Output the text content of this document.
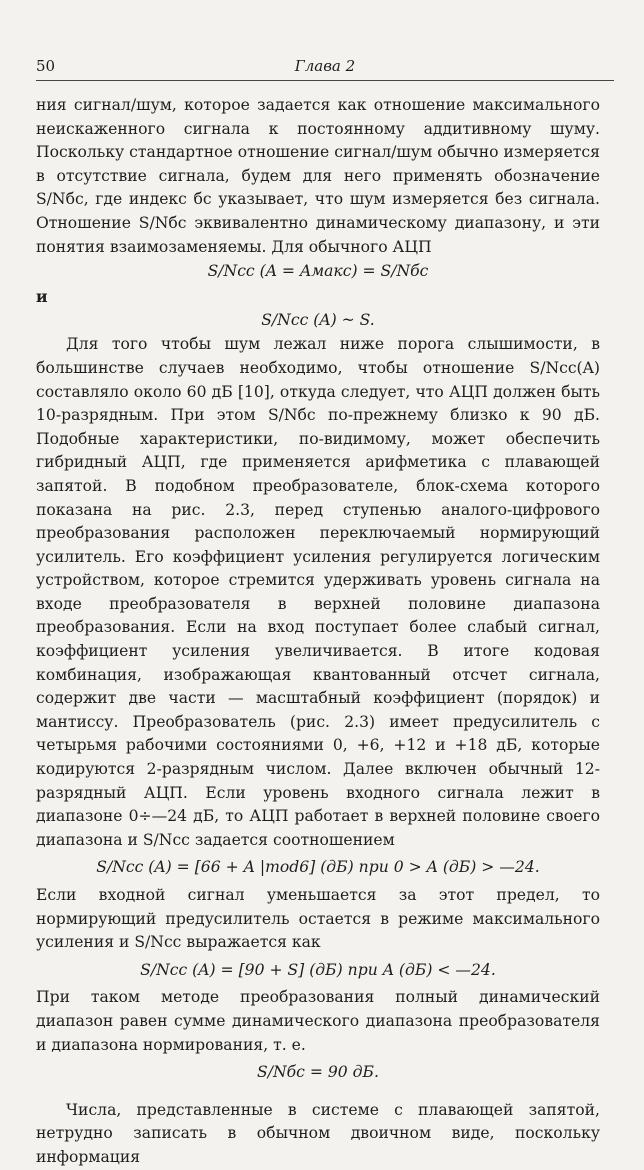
50	Глава 2

ния сигнал/шум, которое задается как отношение максимального неискаженного сигнала к постоянному аддитивному шуму. Поскольку стандартное отношение сигнал/шум обычно измеряется в отсутствие сигнала, будем для него применять обозначение S/Nбс, где индекс бс указывает, что шум измеряется без сигнала. Отношение S/Nбс эквивалентно динамическому диапазону, и эти понятия взаимозаменяемы. Для обычного АЦП

S/Nсс (A = Aмакс) = S/Nбс
и
S/Nсс (A) ~ S.

Для того чтобы шум лежал ниже порога слышимости, в большинстве случаев необходимо, чтобы отношение S/Nсс(A) составляло около 60 дБ [10], откуда следует, что АЦП должен быть 10-разрядным. При этом S/Nбс по-прежнему близко к 90 дБ. Подобные характеристики, по-видимому, может обеспечить гибридный АЦП, где применяется арифметика с плавающей запятой. В подобном преобразователе, блок-схема которого показана на рис. 2.3, перед ступенью аналого-цифрового преобразования расположен переключаемый нормирующий усилитель. Его коэффициент усиления регулируется логическим устройством, которое стремится удерживать уровень сигнала на входе преобразователя в верхней половине диапазона преобразования. Если на вход поступает более слабый сигнал, коэффициент усиления увеличивается. В итоге кодовая комбинация, изображающая квантованный отсчет сигнала, содержит две части — масштабный коэффициент (порядок) и мантиссу. Преобразователь (рис. 2.3) имеет предусилитель с четырьмя рабочими состояниями 0, +6, +12 и +18 дБ, которые кодируются 2-разрядным числом. Далее включен обычный 12-разрядный АЦП. Если уровень входного сигнала лежит в диапазоне 0÷—24 дБ, то АЦП работает в верхней половине своего диапазона и S/Nсс задается соотношением

S/Nсс (A) = [66 + A |mod6] (дБ) при 0 > A (дБ) > —24.

Если входной сигнал уменьшается за этот предел, то нормирующий предусилитель остается в режиме максимального усиления и S/Nсс выражается как

S/Nсс (A) = [90 + S] (дБ) при A (дБ) < —24.

При таком методе преобразования полный динамический диапазон равен сумме динамического диапазона преобразователя и диапазона нормирования, т. е.

S/Nбс = 90 дБ.

Числа, представленные в системе с плавающей запятой, нетрудно записать в обычном двоичном виде, поскольку информация
